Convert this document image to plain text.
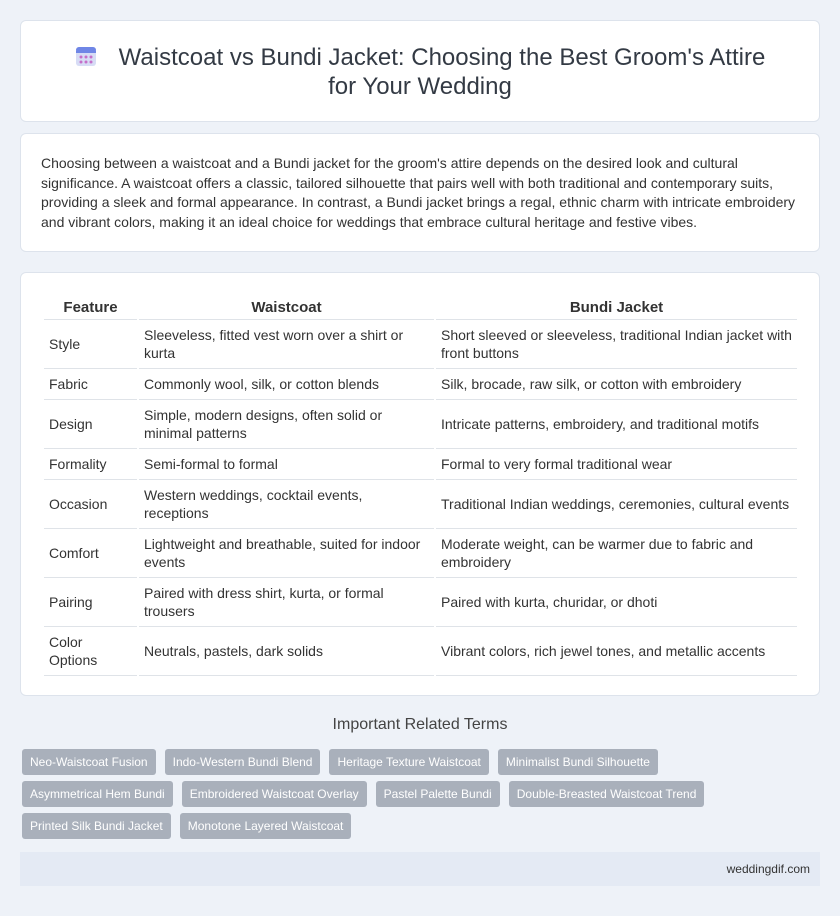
Waistcoat vs Bundi Jacket: Choosing the Best Groom's Attire for Your Wedding

Choosing between a waistcoat and a Bundi jacket for the groom's attire depends on the desired look and cultural significance. A waistcoat offers a classic, tailored silhouette that pairs well with both traditional and contemporary suits, providing a sleek and formal appearance. In contrast, a Bundi jacket brings a regal, ethnic charm with intricate embroidery and vibrant colors, making it an ideal choice for weddings that embrace cultural heritage and festive vibes.

Feature	Waistcoat	Bundi Jacket
Style	Sleeveless, fitted vest worn over a shirt or kurta	Short sleeved or sleeveless, traditional Indian jacket with front buttons
Fabric	Commonly wool, silk, or cotton blends	Silk, brocade, raw silk, or cotton with embroidery
Design	Simple, modern designs, often solid or minimal patterns	Intricate patterns, embroidery, and traditional motifs
Formality	Semi-formal to formal	Formal to very formal traditional wear
Occasion	Western weddings, cocktail events, receptions	Traditional Indian weddings, ceremonies, cultural events
Comfort	Lightweight and breathable, suited for indoor events	Moderate weight, can be warmer due to fabric and embroidery
Pairing	Paired with dress shirt, kurta, or formal trousers	Paired with kurta, churidar, or dhoti
Color Options	Neutrals, pastels, dark solids	Vibrant colors, rich jewel tones, and metallic accents
Important Related Terms
Neo-Waistcoat Fusion	Indo-Western Bundi Blend	Heritage Texture Waistcoat	Minimalist Bundi Silhouette
Asymmetrical Hem Bundi	Embroidered Waistcoat Overlay	Pastel Palette Bundi	Double-Breasted Waistcoat Trend
Printed Silk Bundi Jacket	Monotone Layered Waistcoat
weddingdif.com
